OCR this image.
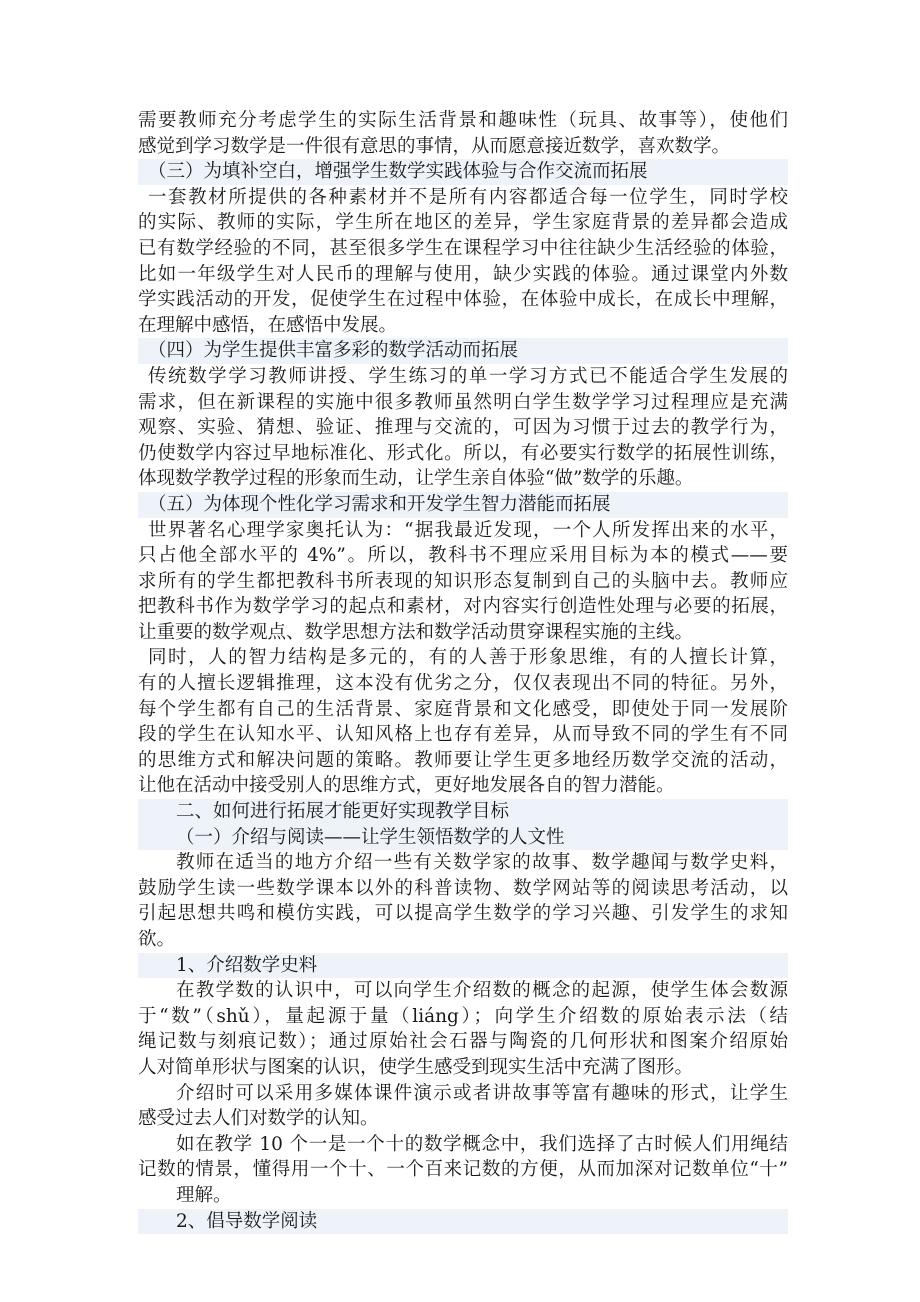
需要教师充分考虑学生的实际生活背景和趣味性（玩具、故事等），使他们
感觉到学习数学是一件很有意思的事情，从而愿意接近数学，喜欢数学。
（三）为填补空白，增强学生数学实践体验与合作交流而拓展
一套教材所提供的各种素材并不是所有内容都适合每一位学生，同时学校
的实际、教师的实际，学生所在地区的差异，学生家庭背景的差异都会造成
已有数学经验的不同，甚至很多学生在课程学习中往往缺少生活经验的体验，
比如一年级学生对人民币的理解与使用，缺少实践的体验。通过课堂内外数
学实践活动的开发，促使学生在过程中体验，在体验中成长，在成长中理解，
在理解中感悟，在感悟中发展。
（四）为学生提供丰富多彩的数学活动而拓展
传统数学学习教师讲授、学生练习的单一学习方式已不能适合学生发展的
需求，但在新课程的实施中很多教师虽然明白学生数学学习过程理应是充满
观察、实验、猜想、验证、推理与交流的，可因为习惯于过去的教学行为，
仍使数学内容过早地标准化、形式化。所以，有必要实行数学的拓展性训练，
体现数学教学过程的形象而生动，让学生亲自体验“做”数学的乐趣。
（五）为体现个性化学习需求和开发学生智力潜能而拓展
世界著名心理学家奥托认为：“据我最近发现，一个人所发挥出来的水平，
只占他全部水平的 4%”。所以，教科书不理应采用目标为本的模式——要
求所有的学生都把教科书所表现的知识形态复制到自己的头脑中去。教师应
把教科书作为数学学习的起点和素材，对内容实行创造性处理与必要的拓展，
让重要的数学观点、数学思想方法和数学活动贯穿课程实施的主线。
同时，人的智力结构是多元的，有的人善于形象思维，有的人擅长计算，
有的人擅长逻辑推理，这本没有优劣之分，仅仅表现出不同的特征。另外，
每个学生都有自己的生活背景、家庭背景和文化感受，即使处于同一发展阶
段的学生在认知水平、认知风格上也存有差异，从而导致不同的学生有不同
的思维方式和解决问题的策略。教师要让学生更多地经历数学交流的活动，
让他在活动中接受别人的思维方式，更好地发展各自的智力潜能。
二、如何进行拓展才能更好实现教学目标
（一）介绍与阅读——让学生领悟数学的人文性
教师在适当的地方介绍一些有关数学家的故事、数学趣闻与数学史料，
鼓励学生读一些数学课本以外的科普读物、数学网站等的阅读思考活动，以
引起思想共鸣和模仿实践，可以提高学生数学的学习兴趣、引发学生的求知
欲。
1、介绍数学史料
在教学数的认识中，可以向学生介绍数的概念的起源，使学生体会数源
于“数”（shǔ），量起源于量（liáng）；向学生介绍数的原始表示法（结
绳记数与刻痕记数）；通过原始社会石器与陶瓷的几何形状和图案介绍原始
人对简单形状与图案的认识，使学生感受到现实生活中充满了图形。
介绍时可以采用多媒体课件演示或者讲故事等富有趣味的形式，让学生
感受过去人们对数学的认知。
如在教学 10 个一是一个十的数学概念中，我们选择了古时候人们用绳结
记数的情景，懂得用一个十、一个百来记数的方便，从而加深对记数单位“十”
理解。
2、倡导数学阅读
